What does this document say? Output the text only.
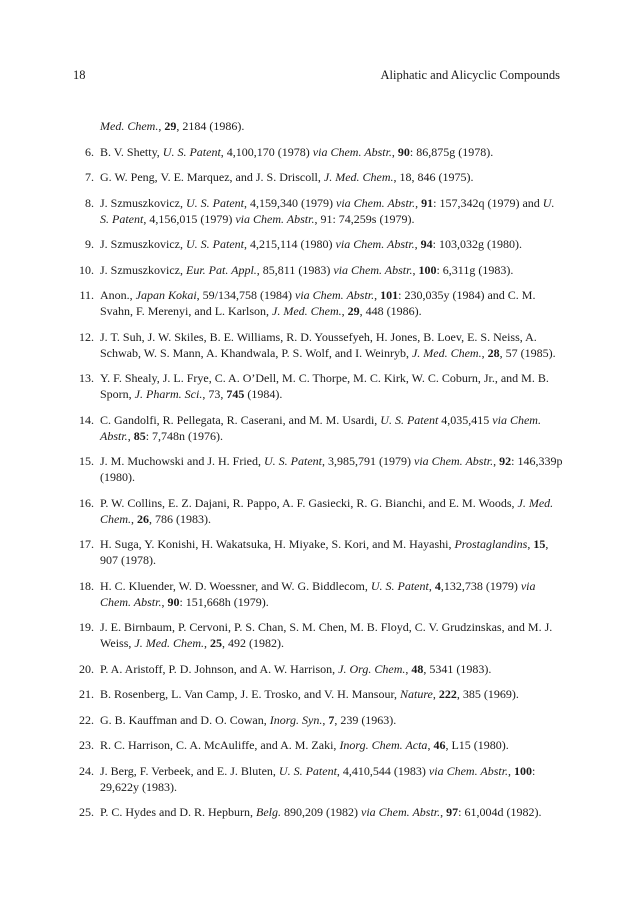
18	Aliphatic and Alicyclic Compounds
Med. Chem., 29, 2184 (1986).
6. B. V. Shetty, U. S. Patent, 4,100,170 (1978) via Chem. Abstr., 90: 86,875g (1978).
7. G. W. Peng, V. E. Marquez, and J. S. Driscoll, J. Med. Chem., 18, 846 (1975).
8. J. Szmuszkovicz, U. S. Patent, 4,159,340 (1979) via Chem. Abstr., 91: 157,342q (1979) and U. S. Patent, 4,156,015 (1979) via Chem. Abstr., 91: 74,259s (1979).
9. J. Szmuszkovicz, U. S. Patent, 4,215,114 (1980) via Chem. Abstr., 94: 103,032g (1980).
10. J. Szmuszkovicz, Eur. Pat. Appl., 85,811 (1983) via Chem. Abstr., 100: 6,311g (1983).
11. Anon., Japan Kokai, 59/134,758 (1984) via Chem. Abstr., 101: 230,035y (1984) and C. M. Svahn, F. Merenyi, and L. Karlson, J. Med. Chem., 29, 448 (1986).
12. J. T. Suh, J. W. Skiles, B. E. Williams, R. D. Youssefyeh, H. Jones, B. Loev, E. S. Neiss, A. Schwab, W. S. Mann, A. Khandwala, P. S. Wolf, and I. Weinryb, J. Med. Chem., 28, 57 (1985).
13. Y. F. Shealy, J. L. Frye, C. A. O’Dell, M. C. Thorpe, M. C. Kirk, W. C. Coburn, Jr., and M. B. Sporn, J. Pharm. Sci., 73, 745 (1984).
14. C. Gandolfi, R. Pellegata, R. Caserani, and M. M. Usardi, U. S. Patent 4,035,415 via Chem. Abstr., 85: 7,748n (1976).
15. J. M. Muchowski and J. H. Fried, U. S. Patent, 3,985,791 (1979) via Chem. Abstr., 92: 146,339p (1980).
16. P. W. Collins, E. Z. Dajani, R. Pappo, A. F. Gasiecki, R. G. Bianchi, and E. M. Woods, J. Med. Chem., 26, 786 (1983).
17. H. Suga, Y. Konishi, H. Wakatsuka, H. Miyake, S. Kori, and M. Hayashi, Prostaglandins, 15, 907 (1978).
18. H. C. Kluender, W. D. Woessner, and W. G. Biddlecom, U. S. Patent, 4,132,738 (1979) via Chem. Abstr., 90: 151,668h (1979).
19. J. E. Birnbaum, P. Cervoni, P. S. Chan, S. M. Chen, M. B. Floyd, C. V. Grudzinskas, and M. J. Weiss, J. Med. Chem., 25, 492 (1982).
20. P. A. Aristoff, P. D. Johnson, and A. W. Harrison, J. Org. Chem., 48, 5341 (1983).
21. B. Rosenberg, L. Van Camp, J. E. Trosko, and V. H. Mansour, Nature, 222, 385 (1969).
22. G. B. Kauffman and D. O. Cowan, Inorg. Syn., 7, 239 (1963).
23. R. C. Harrison, C. A. McAuliffe, and A. M. Zaki, Inorg. Chem. Acta, 46, L15 (1980).
24. J. Berg, F. Verbeek, and E. J. Bluten, U. S. Patent, 4,410,544 (1983) via Chem. Abstr., 100: 29,622y (1983).
25. P. C. Hydes and D. R. Hepburn, Belg. 890,209 (1982) via Chem. Abstr., 97: 61,004d (1982).
